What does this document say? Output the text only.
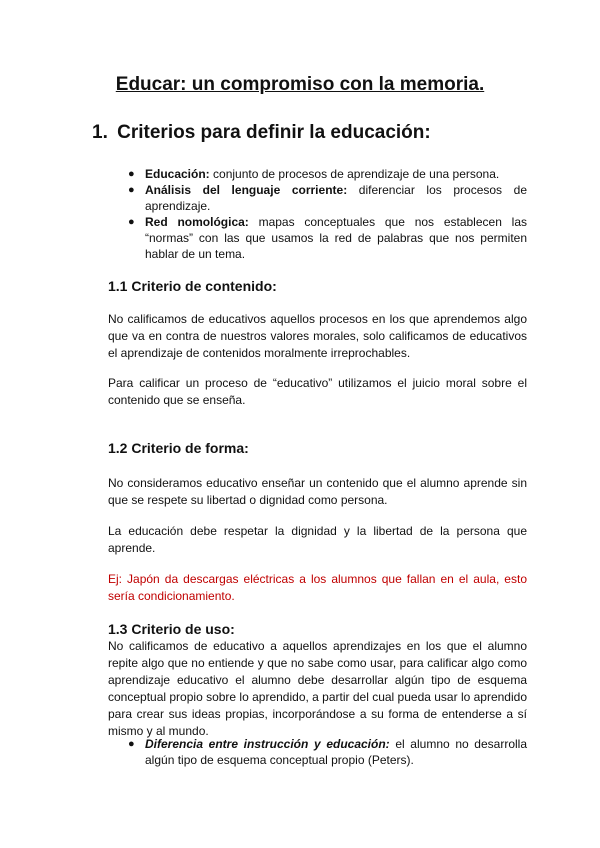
Educar: un compromiso con la memoria.
1. Criterios para definir la educación:
● Educación: conjunto de procesos de aprendizaje de una persona.
● Análisis del lenguaje corriente: diferenciar los procesos de aprendizaje.
● Red nomológica: mapas conceptuales que nos establecen las “normas” con las que usamos la red de palabras que nos permiten hablar de un tema.
1.1 Criterio de contenido:

No calificamos de educativos aquellos procesos en los que aprendemos algo que va en contra de nuestros valores morales, solo calificamos de educativos el aprendizaje de contenidos moralmente irreprochables.

Para calificar un proceso de “educativo” utilizamos el juicio moral sobre el contenido que se enseña.

1.2 Criterio de forma:

No consideramos educativo enseñar un contenido que el alumno aprende sin que se respete su libertad o dignidad como persona.

La educación debe respetar la dignidad y la libertad de la persona que aprende.

Ej: Japón da descargas eléctricas a los alumnos que fallan en el aula, esto sería condicionamiento.

1.3 Criterio de uso:

No calificamos de educativo a aquellos aprendizajes en los que el alumno repite algo que no entiende y que no sabe como usar, para calificar algo como aprendizaje educativo el alumno debe desarrollar algún tipo de esquema conceptual propio sobre lo aprendido, a partir del cual pueda usar lo aprendido para crear sus ideas propias, incorporándose a su forma de entenderse a sí mismo y al mundo.

● Diferencia entre instrucción y educación: el alumno no desarrolla algún tipo de esquema conceptual propio (Peters).
